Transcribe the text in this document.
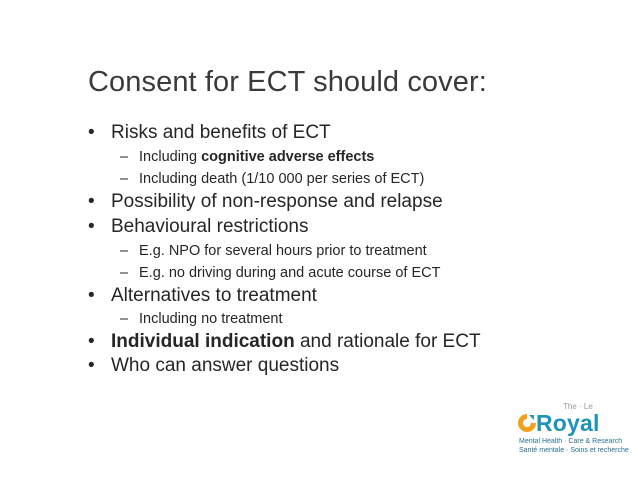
Consent for ECT should cover:
• Risks and benefits of ECT
– Including cognitive adverse effects
– Including death (1/10 000 per series of ECT)
• Possibility of non-response and relapse
• Behavioural restrictions
– E.g. NPO for several hours prior to treatment
– E.g. no driving during and acute course of ECT
• Alternatives to treatment
– Including no treatment
• Individual indication and rationale for ECT
• Who can answer questions
The · Le
Royal
Mental Health · Care & Research
Santé mentale · Soins et recherche
